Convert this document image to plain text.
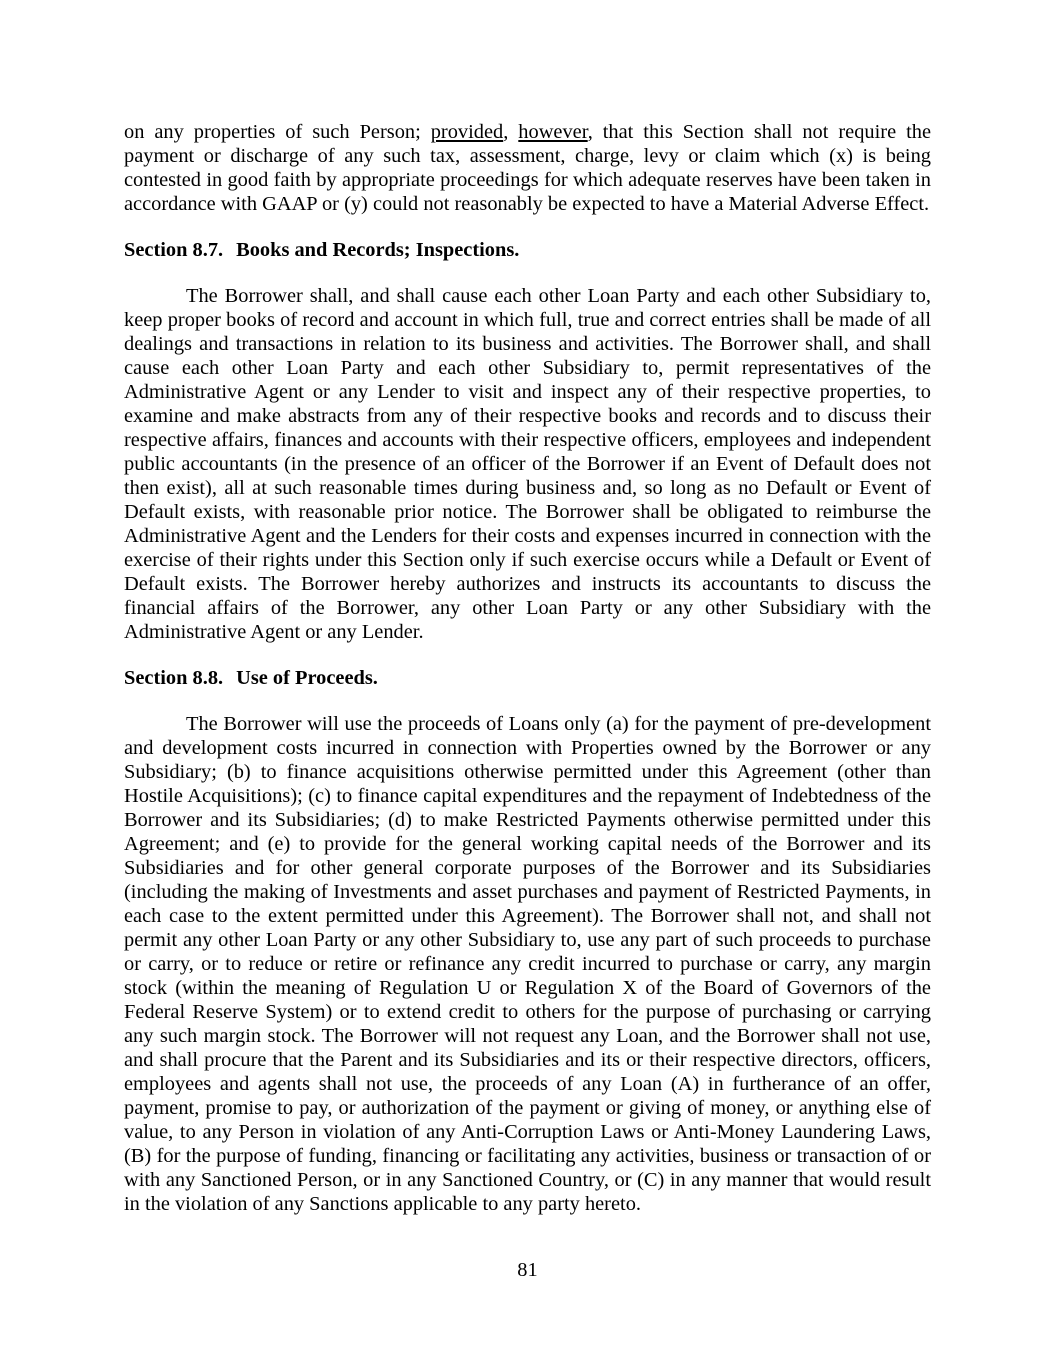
on any properties of such Person; provided, however, that this Section shall not require the payment or discharge of any such tax, assessment, charge, levy or claim which (x) is being contested in good faith by appropriate proceedings for which adequate reserves have been taken in accordance with GAAP or (y) could not reasonably be expected to have a Material Adverse Effect.

Section 8.7. Books and Records; Inspections.

The Borrower shall, and shall cause each other Loan Party and each other Subsidiary to, keep proper books of record and account in which full, true and correct entries shall be made of all dealings and transactions in relation to its business and activities. The Borrower shall, and shall cause each other Loan Party and each other Subsidiary to, permit representatives of the Administrative Agent or any Lender to visit and inspect any of their respective properties, to examine and make abstracts from any of their respective books and records and to discuss their respective affairs, finances and accounts with their respective officers, employees and independent public accountants (in the presence of an officer of the Borrower if an Event of Default does not then exist), all at such reasonable times during business and, so long as no Default or Event of Default exists, with reasonable prior notice. The Borrower shall be obligated to reimburse the Administrative Agent and the Lenders for their costs and expenses incurred in connection with the exercise of their rights under this Section only if such exercise occurs while a Default or Event of Default exists. The Borrower hereby authorizes and instructs its accountants to discuss the financial affairs of the Borrower, any other Loan Party or any other Subsidiary with the Administrative Agent or any Lender.

Section 8.8. Use of Proceeds.

The Borrower will use the proceeds of Loans only (a) for the payment of pre-development and development costs incurred in connection with Properties owned by the Borrower or any Subsidiary; (b) to finance acquisitions otherwise permitted under this Agreement (other than Hostile Acquisitions); (c) to finance capital expenditures and the repayment of Indebtedness of the Borrower and its Subsidiaries; (d) to make Restricted Payments otherwise permitted under this Agreement; and (e) to provide for the general working capital needs of the Borrower and its Subsidiaries and for other general corporate purposes of the Borrower and its Subsidiaries (including the making of Investments and asset purchases and payment of Restricted Payments, in each case to the extent permitted under this Agreement). The Borrower shall not, and shall not permit any other Loan Party or any other Subsidiary to, use any part of such proceeds to purchase or carry, or to reduce or retire or refinance any credit incurred to purchase or carry, any margin stock (within the meaning of Regulation U or Regulation X of the Board of Governors of the Federal Reserve System) or to extend credit to others for the purpose of purchasing or carrying any such margin stock. The Borrower will not request any Loan, and the Borrower shall not use, and shall procure that the Parent and its Subsidiaries and its or their respective directors, officers, employees and agents shall not use, the proceeds of any Loan (A) in furtherance of an offer, payment, promise to pay, or authorization of the payment or giving of money, or anything else of value, to any Person in violation of any Anti-Corruption Laws or Anti-Money Laundering Laws, (B) for the purpose of funding, financing or facilitating any activities, business or transaction of or with any Sanctioned Person, or in any Sanctioned Country, or (C) in any manner that would result in the violation of any Sanctions applicable to any party hereto.

81
